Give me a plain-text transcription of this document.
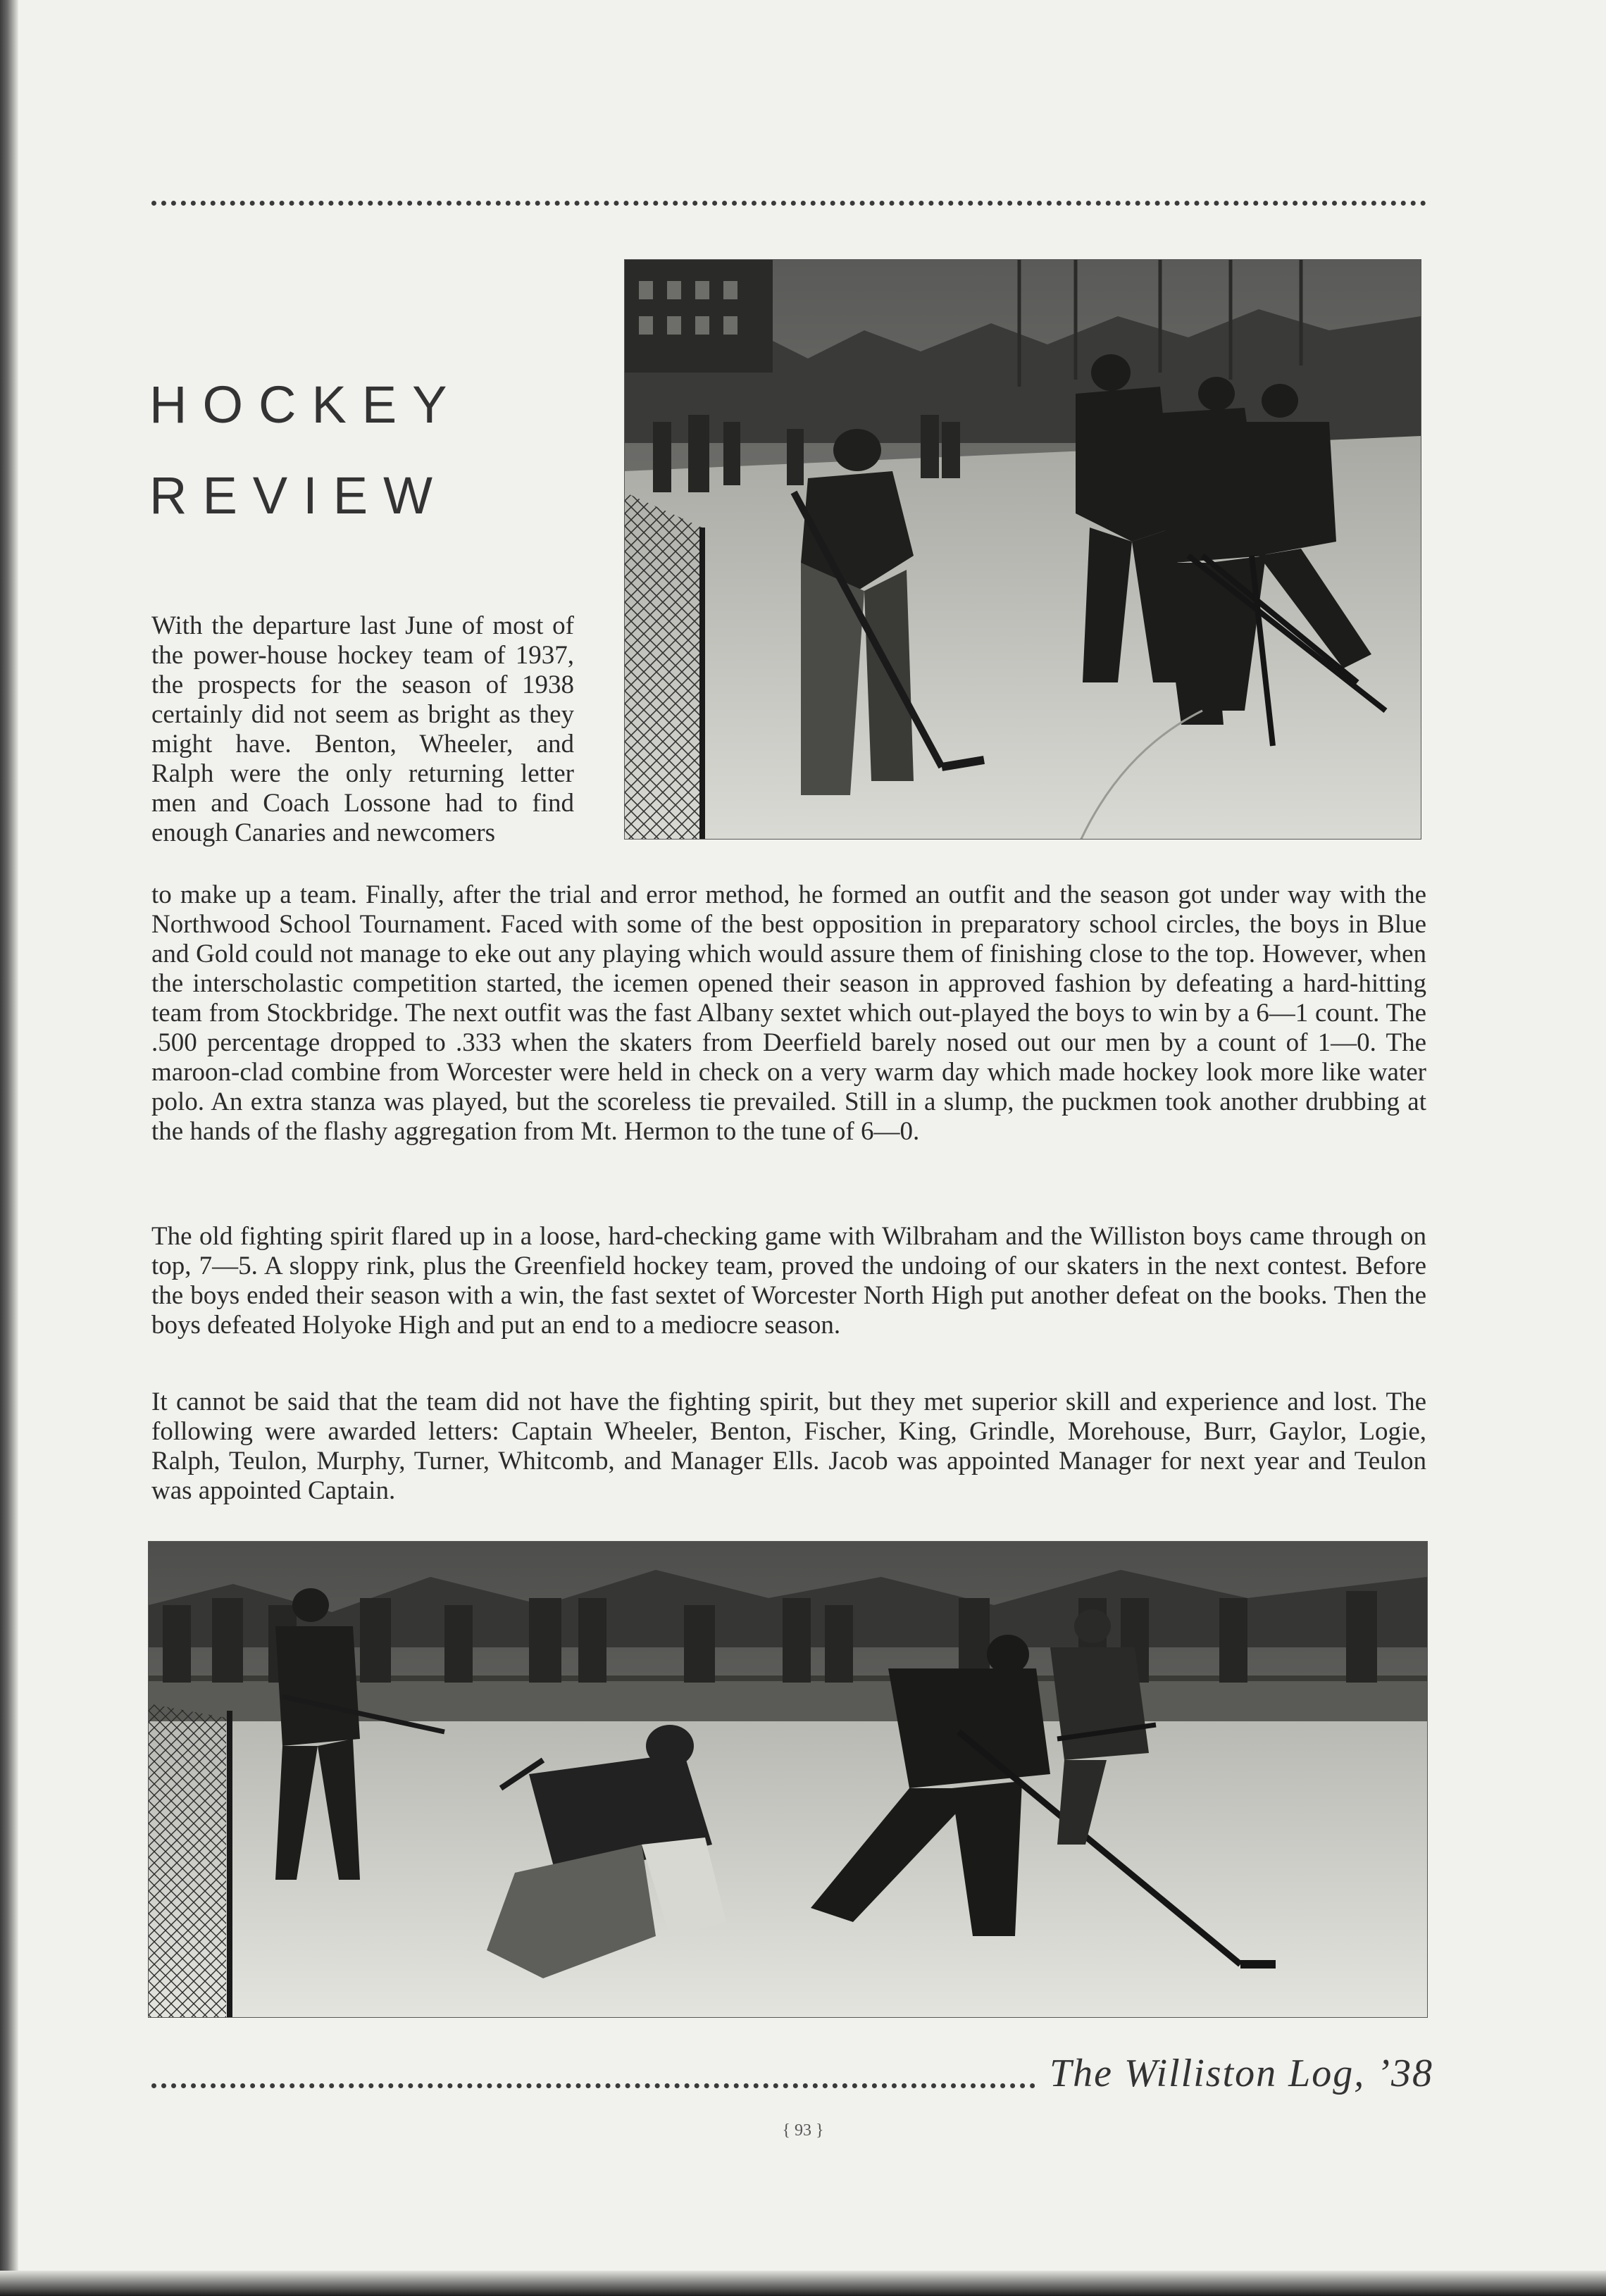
HOCKEY
REVIEW

With the departure last June of most of the power-house hockey team of 1937, the prospects for the season of 1938 certainly did not seem as bright as they might have. Benton, Wheeler, and Ralph were the only returning letter men and Coach Lossone had to find enough Canaries and newcomers

to make up a team. Finally, after the trial and error method, he formed an outfit and the season got under way with the Northwood School Tournament. Faced with some of the best opposition in preparatory school circles, the boys in Blue and Gold could not manage to eke out any playing which would assure them of finishing close to the top. However, when the interscholastic competition started, the icemen opened their season in approved fashion by defeating a hard-hitting team from Stockbridge. The next outfit was the fast Albany sextet which out-played the boys to win by a 6—1 count. The .500 percentage dropped to .333 when the skaters from Deerfield barely nosed out our men by a count of 1—0. The maroon-clad combine from Worcester were held in check on a very warm day which made hockey look more like water polo. An extra stanza was played, but the scoreless tie prevailed. Still in a slump, the puckmen took another drubbing at the hands of the flashy aggregation from Mt. Hermon to the tune of 6—0.

The old fighting spirit flared up in a loose, hard-checking game with Wilbraham and the Williston boys came through on top, 7—5. A sloppy rink, plus the Greenfield hockey team, proved the undoing of our skaters in the next contest. Before the boys ended their season with a win, the fast sextet of Worcester North High put another defeat on the books. Then the boys defeated Holyoke High and put an end to a mediocre season.

It cannot be said that the team did not have the fighting spirit, but they met superior skill and experience and lost. The following were awarded letters: Captain Wheeler, Benton, Fischer, King, Grindle, Morehouse, Burr, Gaylor, Logie, Ralph, Teulon, Murphy, Turner, Whitcomb, and Manager Ells. Jacob was appointed Manager for next year and Teulon was appointed Captain.

The Williston Log, ’38
{ 93 }
